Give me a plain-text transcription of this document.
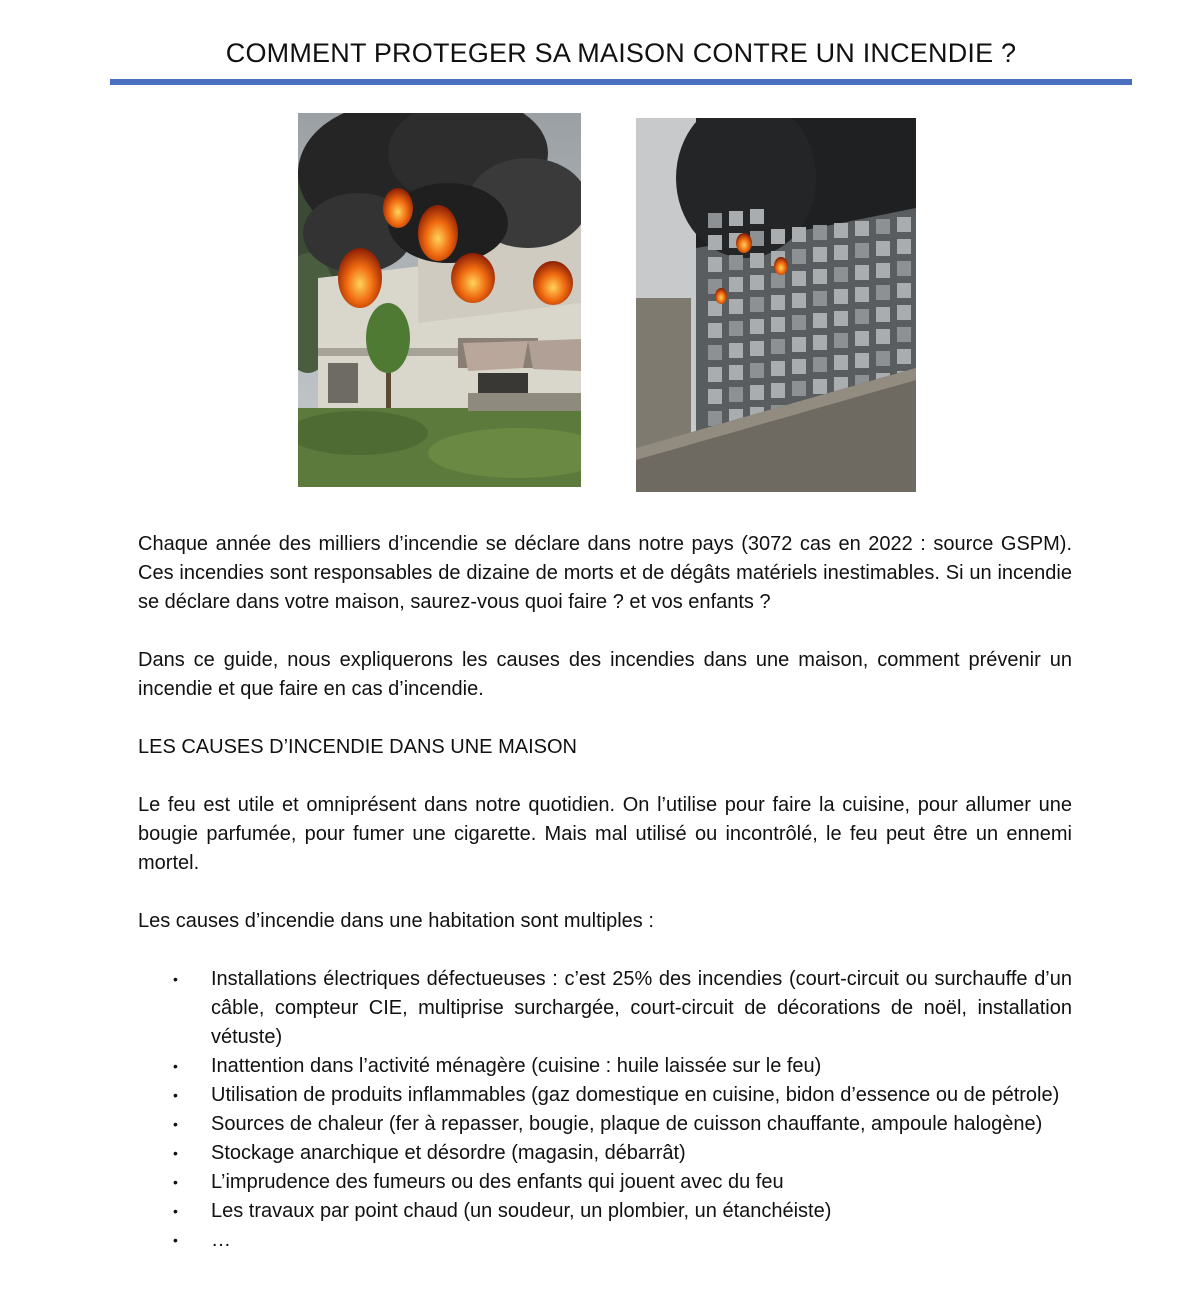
COMMENT PROTEGER SA MAISON CONTRE UN INCENDIE ?

Chaque année des milliers d’incendie se déclare dans notre pays (3072 cas en 2022 : source GSPM). Ces incendies sont responsables de dizaine de morts et de dégâts matériels inestimables. Si un incendie se déclare dans votre maison, saurez-vous quoi faire ? et vos enfants ?

Dans ce guide, nous expliquerons les causes des incendies dans une maison, comment prévenir un incendie et que faire en cas d’incendie.

LES CAUSES D’INCENDIE DANS UNE MAISON

Le feu est utile et omniprésent dans notre quotidien. On l’utilise pour faire la cuisine, pour allumer une bougie parfumée, pour fumer une cigarette. Mais mal utilisé ou incontrôlé, le feu peut être un ennemi mortel.

Les causes d’incendie dans une habitation sont multiples :

• Installations électriques défectueuses : c’est 25% des incendies (court-circuit ou surchauffe d’un câble, compteur CIE, multiprise surchargée, court-circuit de décorations de noël, installation vétuste)
• Inattention dans l’activité ménagère (cuisine : huile laissée sur le feu)
• Utilisation de produits inflammables (gaz domestique en cuisine, bidon d’essence ou de pétrole)
• Sources de chaleur (fer à repasser, bougie, plaque de cuisson chauffante, ampoule halogène)
• Stockage anarchique et désordre (magasin, débarrât)
• L’imprudence des fumeurs ou des enfants qui jouent avec du feu
• Les travaux par point chaud (un soudeur, un plombier, un étanchéiste)
• …
